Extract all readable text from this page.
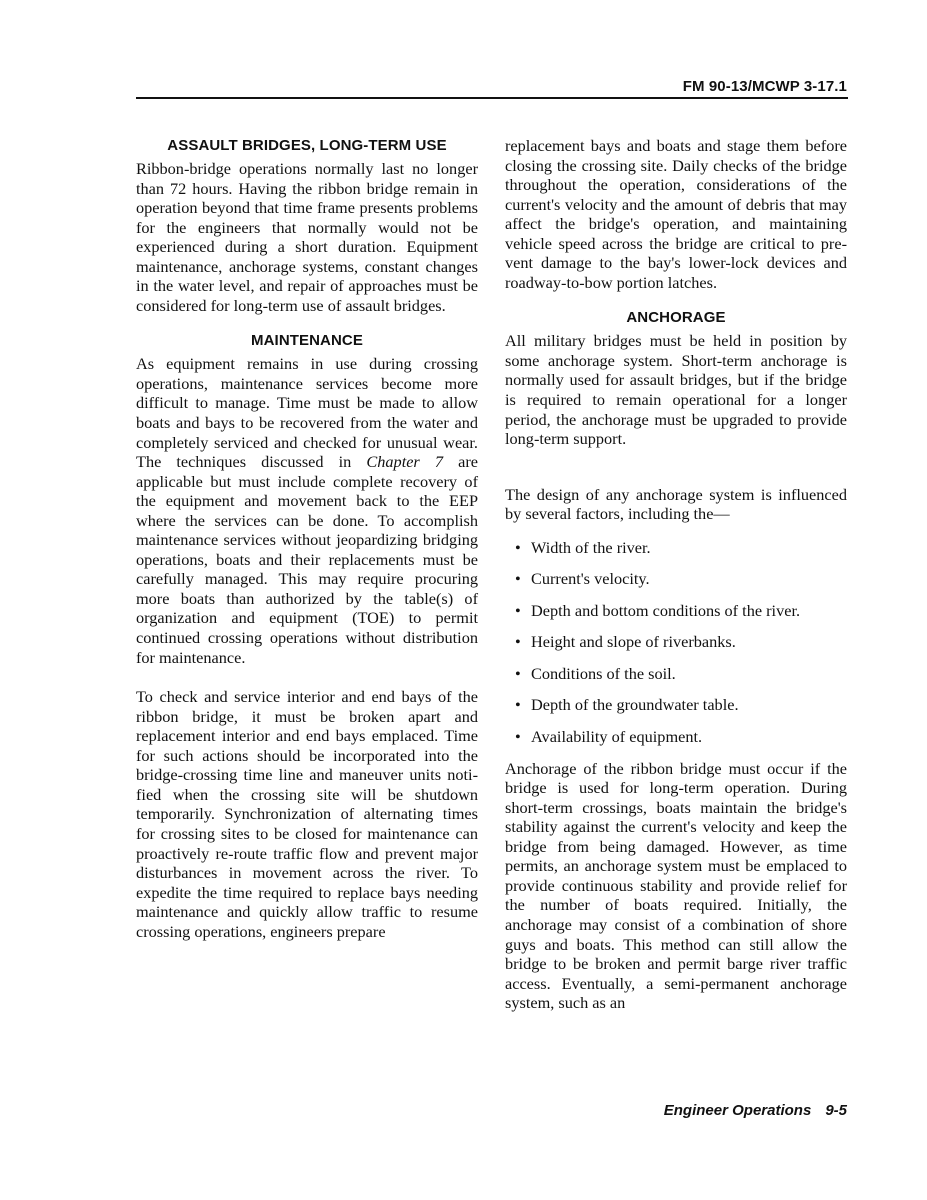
FM 90-13/MCWP 3-17.1
ASSAULT BRIDGES, LONG-TERM USE

Ribbon-bridge operations normally last no longer than 72 hours. Having the ribbon bridge remain in operation beyond that time frame presents problems for the engineers that normally would not be experienced during a short duration. Equipment maintenance, anchorage systems, constant changes in the water level, and repair of approaches must be considered for long-term use of assault bridges.

MAINTENANCE

As equipment remains in use during crossing operations, maintenance services become more difficult to manage. Time must be made to allow boats and bays to be recovered from the water and completely serviced and checked for unusual wear. The techniques discussed in Chapter 7 are applicable but must include complete recovery of the equipment and movement back to the EEP where the services can be done. To accomplish maintenance services without jeopardizing bridging operations, boats and their replacements must be carefully managed. This may require procuring more boats than authorized by the table(s) of organization and equipment (TOE) to permit continued crossing operations without distribution for maintenance.

To check and service interior and end bays of the ribbon bridge, it must be broken apart and replacement interior and end bays emplaced. Time for such actions should be incorporated into the bridge-crossing time line and maneuver units notified when the crossing site will be shutdown temporarily. Synchronization of alternating times for crossing sites to be closed for maintenance can proactively re-route traffic flow and prevent major disturbances in movement across the river. To expedite the time required to replace bays needing maintenance and quickly allow traffic to resume crossing operations, engineers prepare

replacement bays and boats and stage them before closing the crossing site. Daily checks of the bridge throughout the operation, considerations of the current's velocity and the amount of debris that may affect the bridge's operation, and maintaining vehicle speed across the bridge are critical to prevent damage to the bay's lower-lock devices and roadway-to-bow portion latches.

ANCHORAGE

All military bridges must be held in position by some anchorage system. Short-term anchorage is normally used for assault bridges, but if the bridge is required to remain operational for a longer period, the anchorage must be upgraded to provide long-term support.

The design of any anchorage system is influenced by several factors, including the—

• Width of the river.
• Current's velocity.
• Depth and bottom conditions of the river.
• Height and slope of riverbanks.
• Conditions of the soil.
• Depth of the groundwater table.
• Availability of equipment.

Anchorage of the ribbon bridge must occur if the bridge is used for long-term operation. During short-term crossings, boats maintain the bridge's stability against the current's velocity and keep the bridge from being damaged. However, as time permits, an anchorage system must be emplaced to provide continuous stability and provide relief for the number of boats required. Initially, the anchorage may consist of a combination of shore guys and boats. This method can still allow the bridge to be broken and permit barge river traffic access. Eventually, a semi-permanent anchorage system, such as an

Engineer Operations 9-5
